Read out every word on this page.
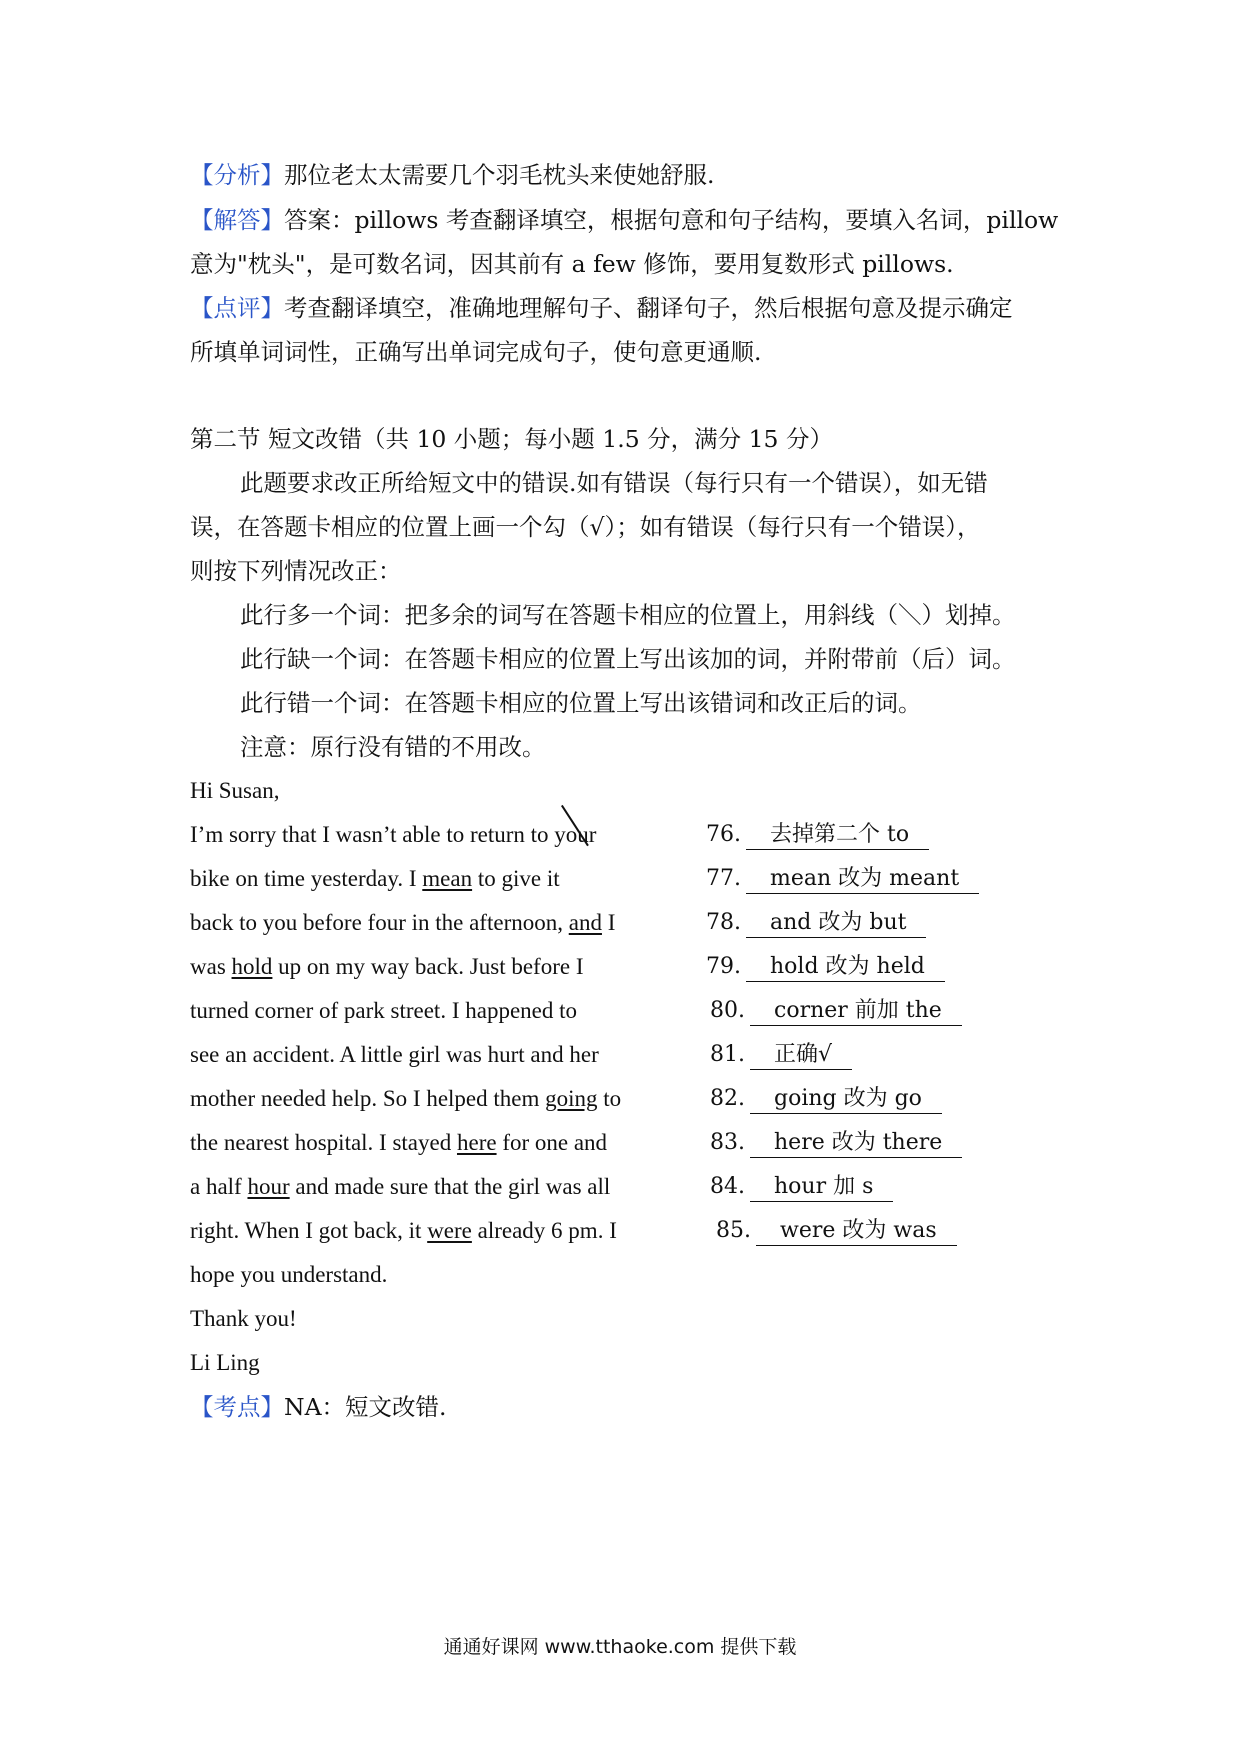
【分析】那位老太太需要几个羽毛枕头来使她舒服.
【解答】答案：pillows 考查翻译填空，根据句意和句子结构，要填入名词，pillow
意为"枕头"，是可数名词，因其前有 a few 修饰，要用复数形式 pillows.
【点评】考查翻译填空，准确地理解句子、翻译句子，然后根据句意及提示确定
所填单词词性，正确写出单词完成句子，使句意更通顺.
第二节 短文改错（共 10 小题；每小题 1.5 分，满分 15 分）
此题要求改正所给短文中的错误.如有错误（每行只有一个错误），如无错
误，在答题卡相应的位置上画一个勾（√）；如有错误（每行只有一个错误），
则按下列情况改正：
此行多一个词：把多余的词写在答题卡相应的位置上，用斜线（＼）划掉。
此行缺一个词：在答题卡相应的位置上写出该加的词，并附带前（后）词。
此行错一个词：在答题卡相应的位置上写出该错词和改正后的词。
注意：原行没有错的不用改。
Hi Susan,
I’m sorry that I wasn’t able to return to your
bike on time yesterday. I mean to give it
back to you before four in the afternoon, and I
was hold up on my way back. Just before I
turned corner of park street. I happened to
see an accident. A little girl was hurt and her
mother needed help. So I helped them going to
the nearest hospital. I stayed here for one and
a half hour and made sure that the girl was all
right. When I got back, it were already 6 pm. I
hope you understand.
Thank you!
Li Ling
76. 去掉第二个 to
77. mean 改为 meant
78. and 改为 but
79. hold 改为 held
80. corner 前加 the
81. 正确√
82. going 改为 go
83. here 改为 there
84. hour 加 s
85. were 改为 was
【考点】NA：短文改错.
通通好课网 www.tthaoke.com 提供下载
